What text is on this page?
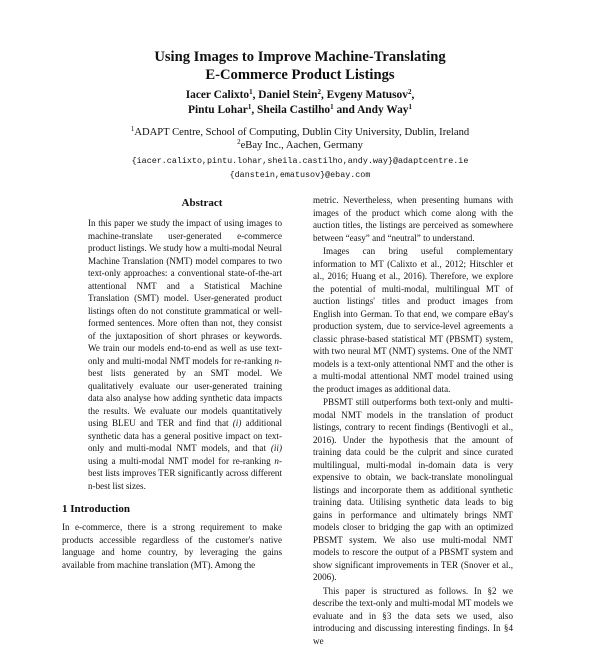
Using Images to Improve Machine-Translating
E-Commerce Product Listings
Iacer Calixto$^1$, Daniel Stein$^2$, Evgeny Matusov$^2$,
Pintu Lohar$^1$, Sheila Castilho$^1$ and Andy Way$^1$
$^1$ADAPT Centre, School of Computing, Dublin City University, Dublin, Ireland
$^2$eBay Inc., Aachen, Germany
{iacer.calixto,pintu.lohar,sheila.castilho,andy.way}@adaptcentre.ie
{danstein,ematusov}@ebay.com
Abstract
In this paper we study the impact of using images to machine-translate user-generated e-commerce product listings. We study how a multi-modal Neural Machine Translation (NMT) model compares to two text-only approaches: a conventional state-of-the-art attentional NMT and a Statistical Machine Translation (SMT) model. User-generated product listings often do not constitute grammatical or well-formed sentences. More often than not, they consist of the juxtaposition of short phrases or keywords. We train our models end-to-end as well as use text-only and multi-modal NMT models for re-ranking n-best lists generated by an SMT model. We qualitatively evaluate our user-generated training data also analyse how adding synthetic data impacts the results. We evaluate our models quantitatively using BLEU and TER and find that (i) additional synthetic data has a general positive impact on text-only and multi-modal NMT models, and that (ii) using a multi-modal NMT model for re-ranking n-best lists improves TER significantly across different n-best list sizes.
1 Introduction
In e-commerce, there is a strong requirement to make products accessible regardless of the customer's native language and home country, by leveraging the gains available from machine translation (MT). Among the

metric. Nevertheless, when presenting humans with images of the product which come along with the auction titles, the listings are perceived as somewhere between “easy” and “neutral” to understand.

Images can bring useful complementary information to MT (Calixto et al., 2012; Hitschler et al., 2016; Huang et al., 2016). Therefore, we explore the potential of multi-modal, multilingual MT of auction listings' titles and product images from English into German. To that end, we compare eBay's production system, due to service-level agreements a classic phrase-based statistical MT (PBSMT) system, with two neural MT (NMT) systems. One of the NMT models is a text-only attentional NMT and the other is a multi-modal attentional NMT model trained using the product images as additional data.

PBSMT still outperforms both text-only and multi-modal NMT models in the translation of product listings, contrary to recent findings (Bentivogli et al., 2016). Under the hypothesis that the amount of training data could be the culprit and since curated multilingual, multi-modal in-domain data is very expensive to obtain, we back-translate monolingual listings and incorporate them as additional synthetic training data. Utilising synthetic data leads to big gains in performance and ultimately brings NMT models closer to bridging the gap with an optimized PBSMT system. We also use multi-modal NMT models to rescore the output of a PBSMT system and show significant improvements in TER (Snover et al., 2006).

This paper is structured as follows. In §2 we describe the text-only and multi-modal MT models we evaluate and in §3 the data sets we used, also introducing and discussing interesting findings. In §4 we
